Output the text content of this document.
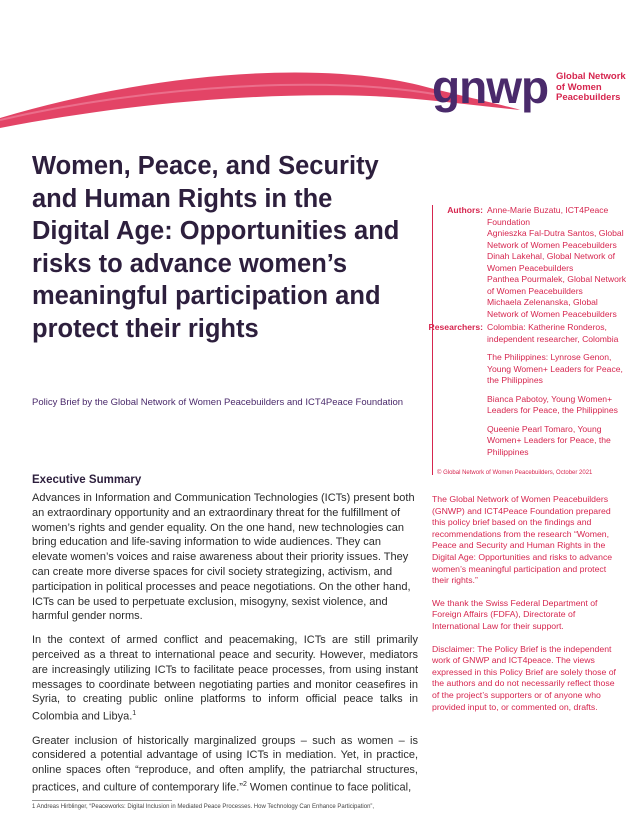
gnwp Global Network
of Women
Peacebuilders
Women, Peace, and Security and Human Rights in the Digital Age: Opportunities and risks to advance women’s meaningful participation and protect their rights
Policy Brief by the Global Network of Women Peacebuilders and ICT4Peace Foundation
Authors: Anne-Marie Buzatu, ICT4Peace Foundation
Agnieszka Fal-Dutra Santos, Global Network of Women Peacebuilders
Dinah Lakehal, Global Network of Women Peacebuilders
Panthea Pourmalek, Global Network of Women Peacebuilders
Michaela Zelenanska, Global Network of Women Peacebuilders
Researchers: Colombia: Katherine Ronderos, independent researcher, Colombia
The Philippines: Lynrose Genon, Young Women+ Leaders for Peace, the Philippines
Bianca Pabotoy, Young Women+ Leaders for Peace, the Philippines
Queenie Pearl Tomaro, Young Women+ Leaders for Peace, the Philippines
© Global Network of Women Peacebuilders, October 2021

The Global Network of Women Peacebuilders (GNWP) and ICT4Peace Foundation prepared this policy brief based on the findings and recommendations from the research “Women, Peace and Security and Human Rights in the Digital Age: Opportunities and risks to advance women’s meaningful participation and protect their rights.”

We thank the Swiss Federal Department of Foreign Affairs (FDFA), Directorate of International Law for their support.

Disclaimer: The Policy Brief is the independent work of GNWP and ICT4peace. The views expressed in this Policy Brief are solely those of the authors and do not necessarily reflect those of the project’s supporters or of anyone who provided input to, or commented on, drafts.

Executive Summary

Advances in Information and Communication Technologies (ICTs) present both an extraordinary opportunity and an extraordinary threat for the fulfillment of women’s rights and gender equality. On the one hand, new technologies can bring education and life-saving information to wide audiences. They can elevate women’s voices and raise awareness about their priority issues. They can create more diverse spaces for civil society strategizing, activism, and participation in political processes and peace negotiations. On the other hand, ICTs can be used to perpetuate exclusion, misogyny, sexist violence, and harmful gender norms.

In the context of armed conflict and peacemaking, ICTs are still primarily perceived as a threat to international peace and security. However, mediators are increasingly utilizing ICTs to facilitate peace processes, from using instant messages to coordinate between negotiating parties and monitor ceasefires in Syria, to creating public online platforms to inform official peace talks in Colombia and Libya.$^1$

Greater inclusion of historically marginalized groups – such as women – is considered a potential advantage of using ICTs in mediation. Yet, in practice, online spaces often “reproduce, and often amplify, the patriarchal structures, practices, and culture of contemporary life.”$^2$ Women continue to face political,

1 Andreas Hirblinger, “Peaceworks: Digital Inclusion in Mediated Peace Processes. How Technology Can Enhance Participation”,
